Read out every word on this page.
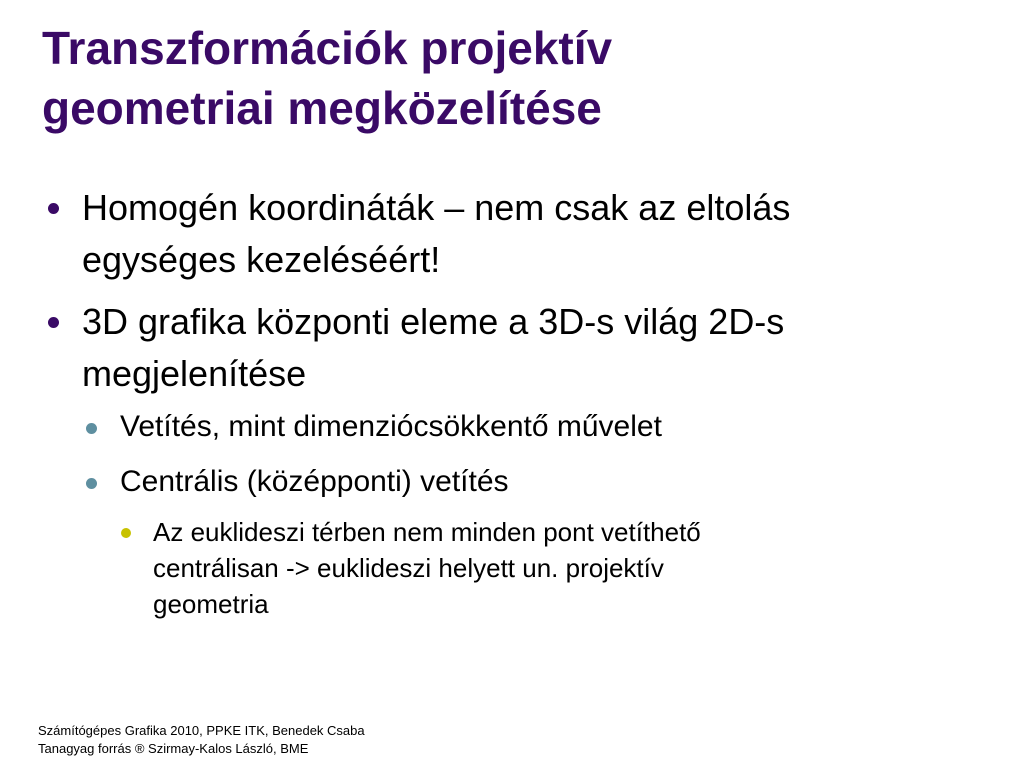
Transzformációk projektív
geometriai megközelítése
Homogén koordináták – nem csak az eltolás
egységes kezeléséért!
3D grafika központi eleme a 3D-s világ 2D-s
megjelenítése
Vetítés, mint dimenziócsökkentő művelet
Centrális (középponti) vetítés
Az euklideszi térben nem minden pont vetíthető
centrálisan -> euklideszi helyett un. projektív
geometria
Számítógépes Grafika 2010, PPKE ITK, Benedek Csaba
Tanagyag forrás ® Szirmay-Kalos László, BME
